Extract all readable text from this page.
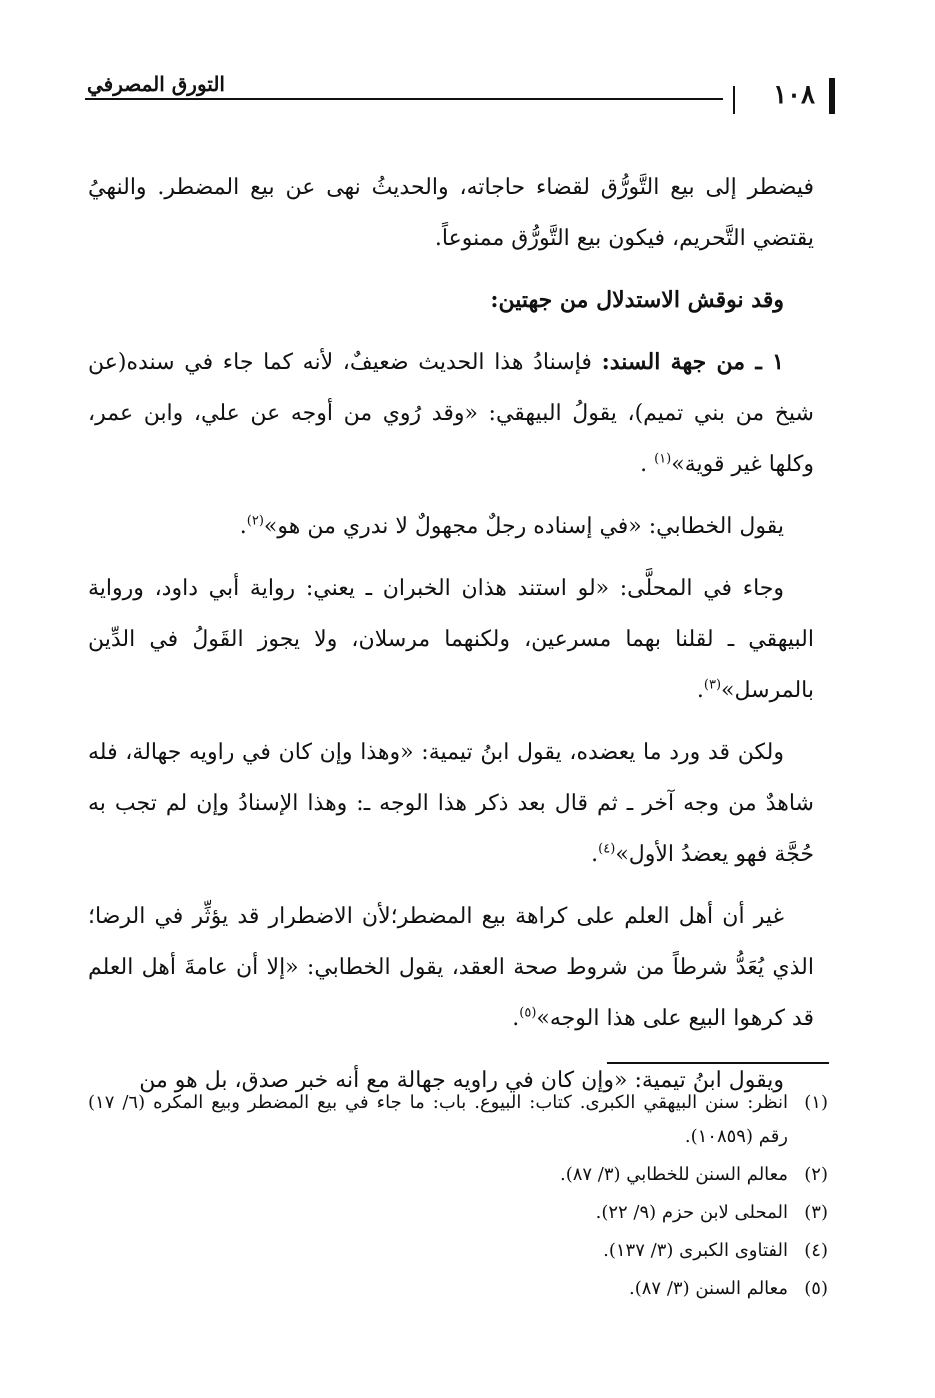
١٠٨
التورق المصرفي

فيضطر إلى بيع التَّورُّق لقضاء حاجاته، والحديثُ نهى عن بيع المضطر. والنهيُ يقتضي التَّحريم، فيكون بيع التَّورُّق ممنوعاً.

وقد نوقش الاستدلال من جهتين:

١ ـ من جهة السند: فإسنادُ هذا الحديث ضعيفٌ، لأنه كما جاء في سنده(عن شيخ من بني تميم)، يقولُ البيهقي: «وقد رُوي من أوجه عن علي، وابن عمر، وكلها غير قوية»$^{(١)}$ .

يقول الخطابي: «في إسناده رجلٌ مجهولٌ لا ندري من هو»$^{(٢)}$.

وجاء في المحلَّى: «لو استند هذان الخبران ـ يعني: رواية أبي داود، ورواية البيهقي ـ لقلنا بهما مسرعين، ولكنهما مرسلان، ولا يجوز القَولُ في الدِّين بالمرسل»$^{(٣)}$.

ولكن قد ورد ما يعضده، يقول ابنُ تيمية: «وهذا وإن كان في راويه جهالة، فله شاهدٌ من وجه آخر ـ ثم قال بعد ذكر هذا الوجه ـ: وهذا الإسنادُ وإن لم تجب به حُجَّة فهو يعضدُ الأول»$^{(٤)}$.

غير أن أهل العلم على كراهة بيع المضطر؛لأن الاضطرار قد يؤثِّر في الرضا؛ الذي يُعَدُّ شرطاً من شروط صحة العقد، يقول الخطابي: «إلا أن عامةَ أهل العلم قد كرهوا البيع على هذا الوجه»$^{(٥)}$.

ويقول ابنُ تيمية: «وإن كان في راويه جهالة مع أنه خبر صدق، بل هو من

(١)
انظر: سنن البيهقي الكبرى. كتاب: البيوع. باب: ما جاء في بيع المضطر وبيع المكره (٦/ ١٧) رقم (١٠٨٥٩).
(٢)
معالم السنن للخطابي (٣/ ٨٧).
(٣)
المحلى لابن حزم (٩/ ٢٢).
(٤)
الفتاوى الكبرى (٣/ ١٣٧).
(٥)
معالم السنن (٣/ ٨٧).
